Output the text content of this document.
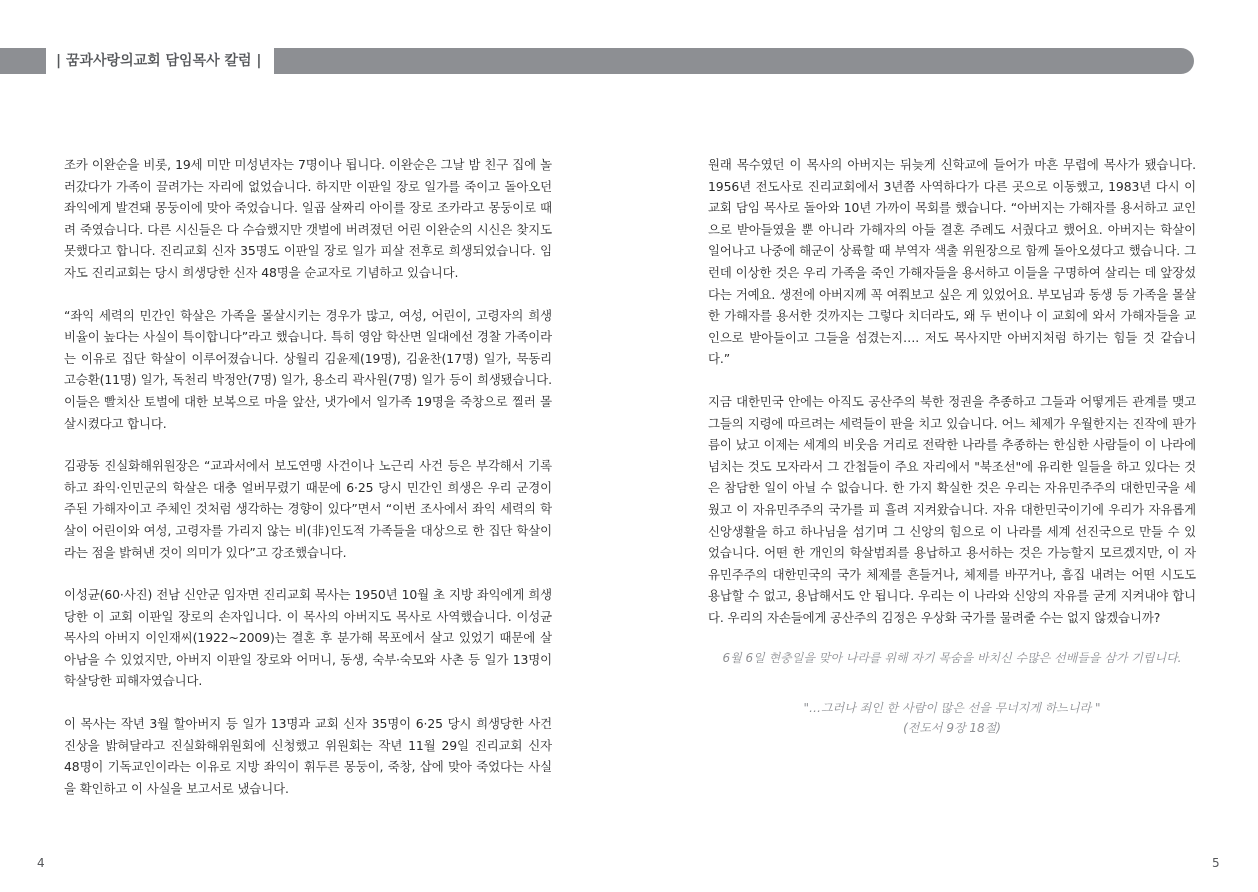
| 꿈과사랑의교회 담임목사 칼럼 |

조카 이완순을 비롯, 19세 미만 미성년자는 7명이나 됩니다. 이완순은 그날 밤 친구 집에 놀러갔다가 가족이 끌려가는 자리에 없었습니다. 하지만 이판일 장로 일가를 죽이고 돌아오던 좌익에게 발견돼 몽둥이에 맞아 죽었습니다. 일곱 살짜리 아이를 장로 조카라고 몽둥이로 때려 죽였습니다. 다른 시신들은 다 수습했지만 갯벌에 버려졌던 어린 이완순의 시신은 찾지도 못했다고 합니다. 진리교회 신자 35명도 이판일 장로 일가 피살 전후로 희생되었습니다. 임자도 진리교회는 당시 희생당한 신자 48명을 순교자로 기념하고 있습니다.

“좌익 세력의 민간인 학살은 가족을 몰살시키는 경우가 많고, 여성, 어린이, 고령자의 희생 비율이 높다는 사실이 특이합니다”라고 했습니다. 특히 영암 학산면 일대에선 경찰 가족이라는 이유로 집단 학살이 이루어졌습니다. 상월리 김윤제(19명), 김윤찬(17명) 일가, 묵동리 고승환(11명) 일가, 독천리 박정안(7명) 일가, 용소리 곽사원(7명) 일가 등이 희생됐습니다. 이들은 빨치산 토벌에 대한 보복으로 마을 앞산, 냇가에서 일가족 19명을 죽창으로 찔러 몰살시켰다고 합니다.

김광동 진실화해위원장은 “교과서에서 보도연맹 사건이나 노근리 사건 등은 부각해서 기록하고 좌익·인민군의 학살은 대충 얼버무렸기 때문에 6·25 당시 민간인 희생은 우리 군경이 주된 가해자이고 주체인 것처럼 생각하는 경향이 있다”면서 “이번 조사에서 좌익 세력의 학살이 어린이와 여성, 고령자를 가리지 않는 비(非)인도적 가족들을 대상으로 한 집단 학살이라는 점을 밝혀낸 것이 의미가 있다”고 강조했습니다.

이성균(60·사진) 전남 신안군 임자면 진리교회 목사는 1950년 10월 초 지방 좌익에게 희생당한 이 교회 이판일 장로의 손자입니다. 이 목사의 아버지도 목사로 사역했습니다. 이성균 목사의 아버지 이인재씨(1922~2009)는 결혼 후 분가해 목포에서 살고 있었기 때문에 살아남을 수 있었지만, 아버지 이판일 장로와 어머니, 동생, 숙부·숙모와 사촌 등 일가 13명이 학살당한 피해자였습니다.

이 목사는 작년 3월 할아버지 등 일가 13명과 교회 신자 35명이 6·25 당시 희생당한 사건 진상을 밝혀달라고 진실화해위원회에 신청했고 위원회는 작년 11월 29일 진리교회 신자 48명이 기독교인이라는 이유로 지방 좌익이 휘두른 몽둥이, 죽창, 삽에 맞아 죽었다는 사실을 확인하고 이 사실을 보고서로 냈습니다.

원래 목수였던 이 목사의 아버지는 뒤늦게 신학교에 들어가 마흔 무렵에 목사가 됐습니다. 1956년 전도사로 진리교회에서 3년쯤 사역하다가 다른 곳으로 이동했고, 1983년 다시 이 교회 담임 목사로 돌아와 10년 가까이 목회를 했습니다. “아버지는 가해자를 용서하고 교인으로 받아들였을 뿐 아니라 가해자의 아들 결혼 주례도 서줬다고 했어요. 아버지는 학살이 일어나고 나중에 해군이 상륙할 때 부역자 색출 위원장으로 함께 돌아오셨다고 했습니다. 그런데 이상한 것은 우리 가족을 죽인 가해자들을 용서하고 이들을 구명하여 살리는 데 앞장섰다는 거예요. 생전에 아버지께 꼭 여쭤보고 싶은 게 있었어요. 부모님과 동생 등 가족을 몰살한 가해자를 용서한 것까지는 그렇다 치더라도, 왜 두 번이나 이 교회에 와서 가해자들을 교인으로 받아들이고 그들을 섬겼는지…. 저도 목사지만 아버지처럼 하기는 힘들 것 같습니다.”

지금 대한민국 안에는 아직도 공산주의 북한 정권을 추종하고 그들과 어떻게든 관계를 맺고 그들의 지령에 따르려는 세력들이 판을 치고 있습니다. 어느 체제가 우월한지는 진작에 판가름이 났고 이제는 세계의 비웃음 거리로 전락한 나라를 추종하는 한심한 사람들이 이 나라에 넘치는 것도 모자라서 그 간첩들이 주요 자리에서 "북조선"에 유리한 일들을 하고 있다는 것은 참담한 일이 아닐 수 없습니다. 한 가지 확실한 것은 우리는 자유민주주의 대한민국을 세웠고 이 자유민주주의 국가를 피 흘려 지켜왔습니다. 자유 대한민국이기에 우리가 자유롭게 신앙생활을 하고 하나님을 섬기며 그 신앙의 힘으로 이 나라를 세계 선진국으로 만들 수 있었습니다. 어떤 한 개인의 학살범죄를 용납하고 용서하는 것은 가능할지 모르겠지만, 이 자유민주주의 대한민국의 국가 체제를 흔들거나, 체제를 바꾸거나, 흠집 내려는 어떤 시도도 용납할 수 없고, 용납해서도 안 됩니다. 우리는 이 나라와 신앙의 자유를 굳게 지켜내야 합니다. 우리의 자손들에게 공산주의 김정은 우상화 국가를 물려줄 수는 없지 않겠습니까?

6월 6일 현충일을 맞아 나라를 위해 자기 목숨을 바치신 수많은 선배들을 삼가 기립니다.

"…그러나 죄인 한 사람이 많은 선을 무너지게 하느니라 "

(전도서 9장 18절)

4	5
